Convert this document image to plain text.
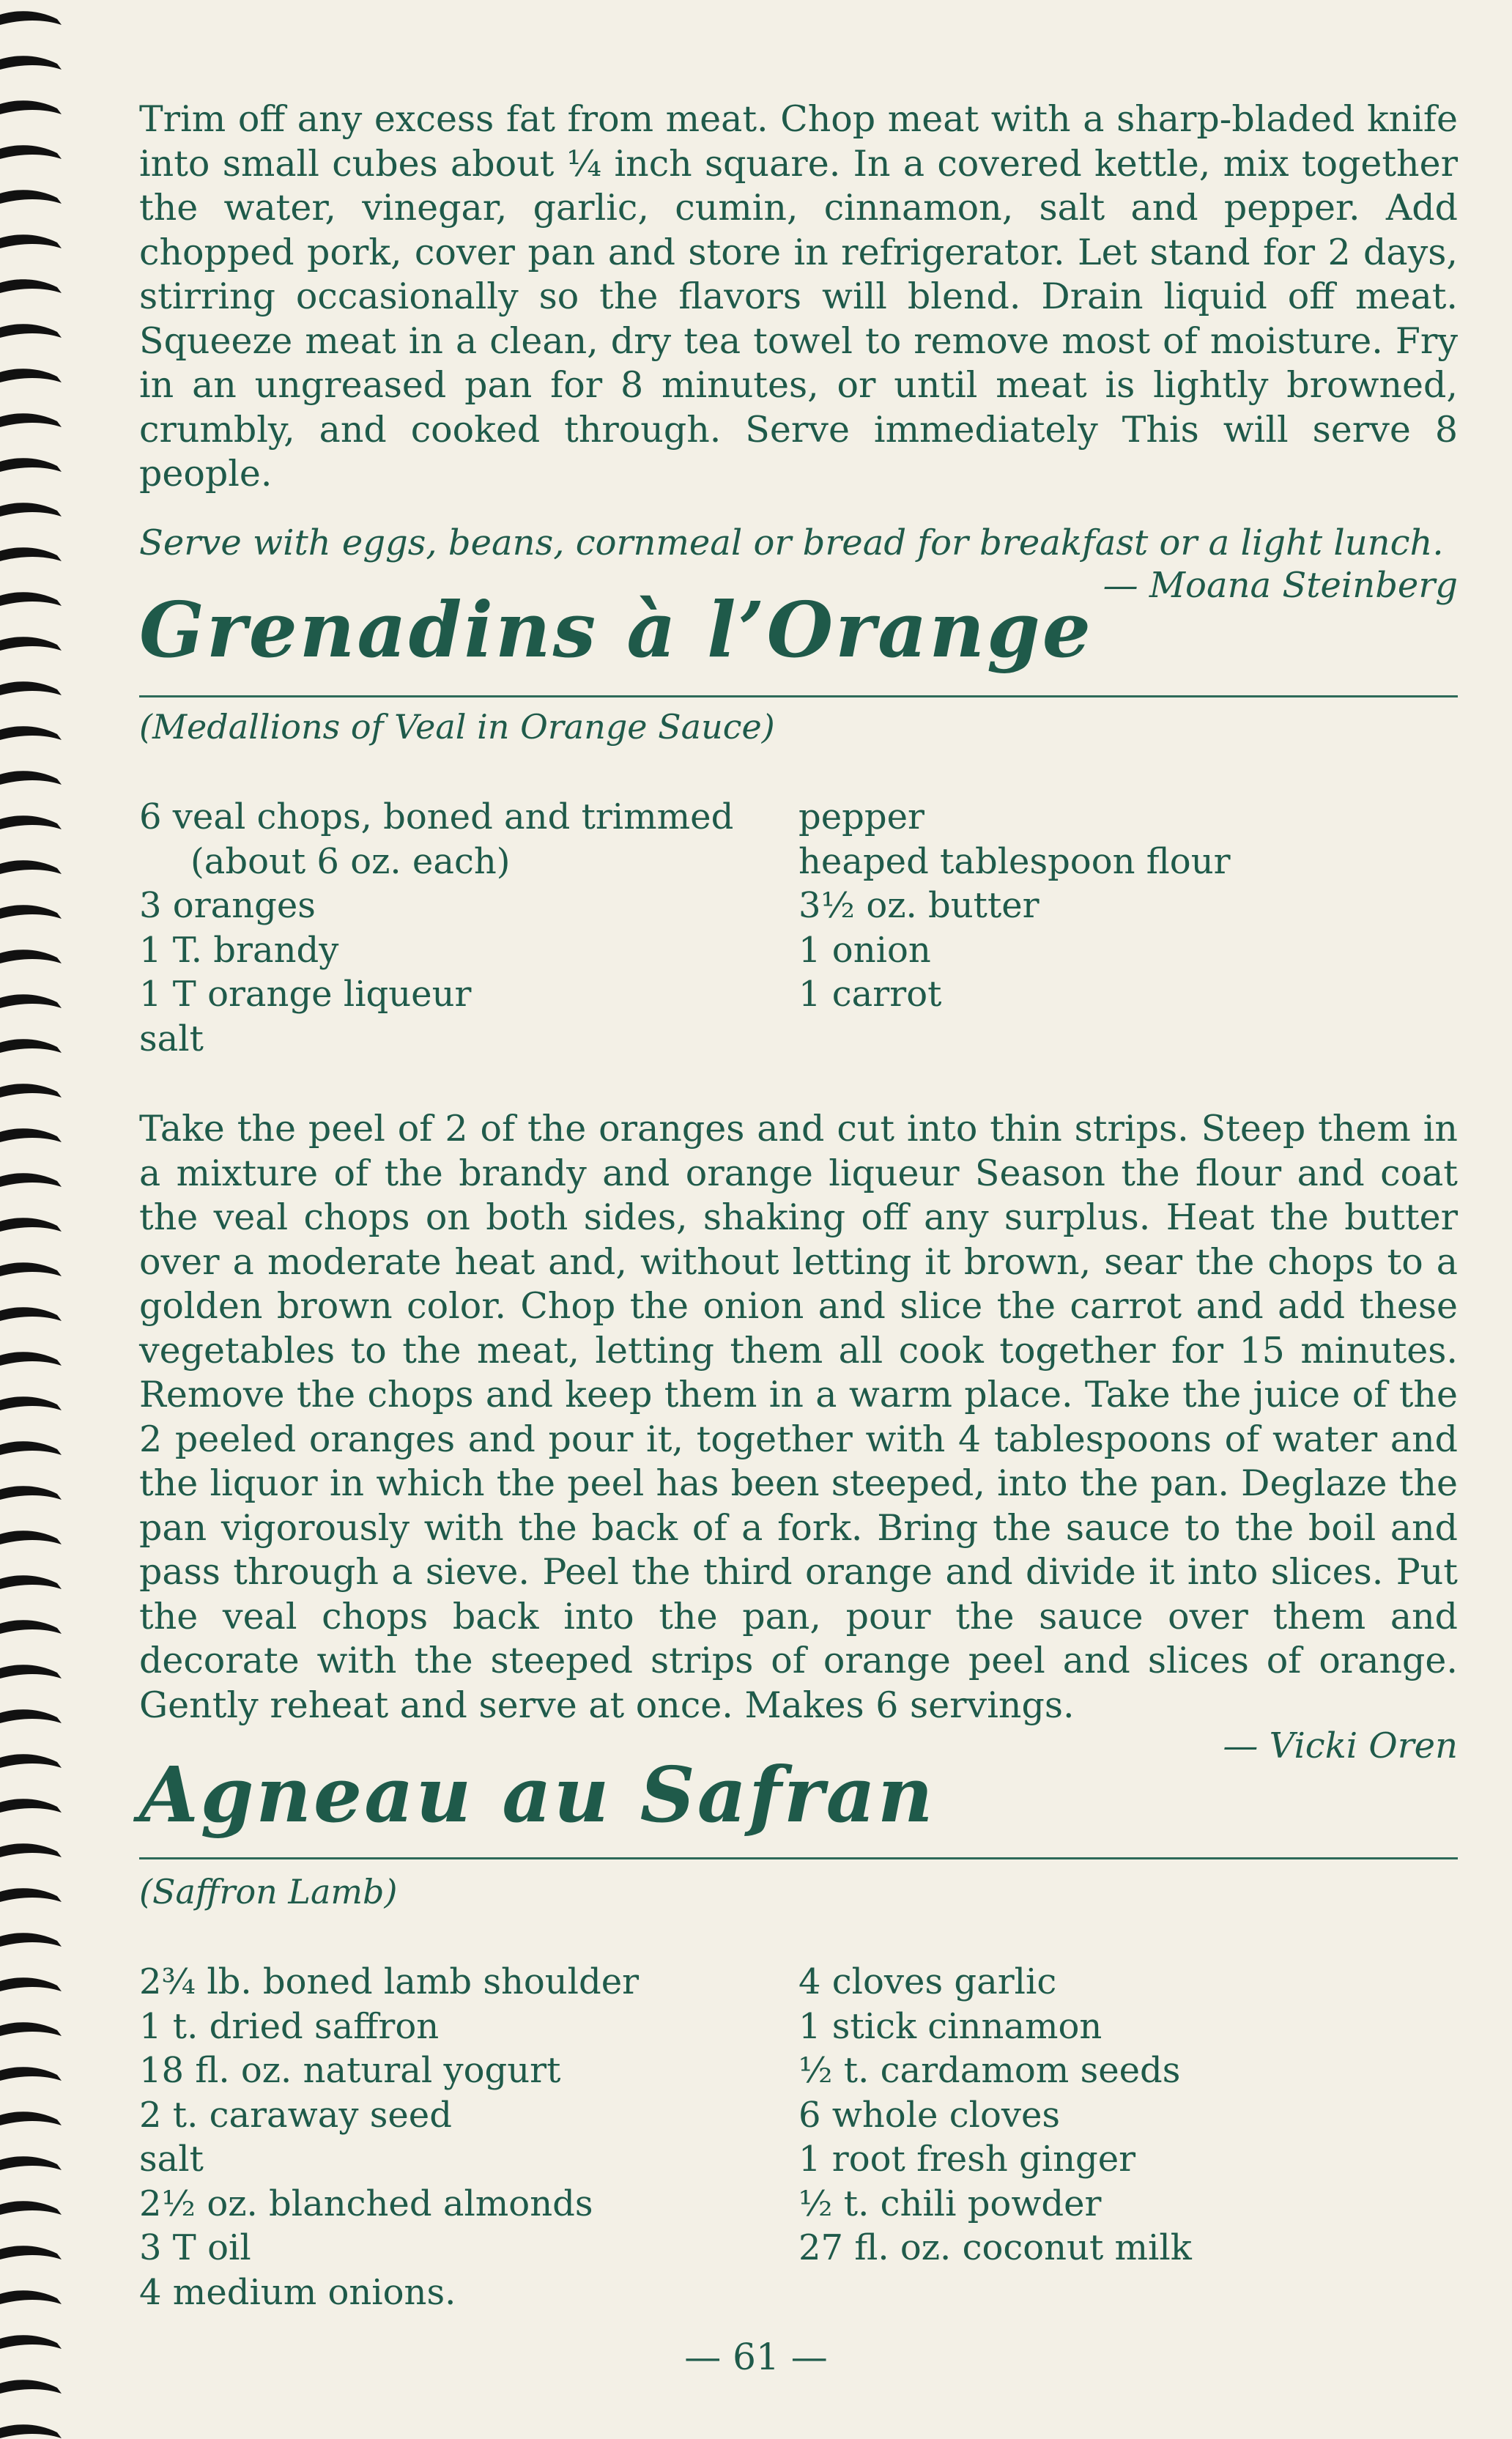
Trim off any excess fat from meat. Chop meat with a sharp-bladed knife into small cubes about ¼ inch square. In a covered kettle, mix together the water, vinegar, garlic, cumin, cinnamon, salt and pepper. Add chopped pork, cover pan and store in refrigerator. Let stand for 2 days, stirring occasionally so the flavors will blend. Drain liquid off meat. Squeeze meat in a clean, dry tea towel to remove most of moisture. Fry in an ungreased pan for 8 minutes, or until meat is lightly browned, crumbly, and cooked through. Serve immediately This will serve 8 people.

Serve with eggs, beans, cornmeal or bread for breakfast or a light lunch.

— Moana Steinberg

Grenadins à l’Orange

(Medallions of Veal in Orange Sauce)

6 veal chops, boned and trimmed
(about 6 oz. each)
3 oranges
1 T. brandy
1 T orange liqueur
salt
pepper
heaped tablespoon flour
3½ oz. butter
1 onion
1 carrot

Take the peel of 2 of the oranges and cut into thin strips. Steep them in a mixture of the brandy and orange liqueur Season the flour and coat the veal chops on both sides, shaking off any surplus. Heat the butter over a moderate heat and, without letting it brown, sear the chops to a golden brown color. Chop the onion and slice the carrot and add these vegetables to the meat, letting them all cook together for 15 minutes. Remove the chops and keep them in a warm place. Take the juice of the 2 peeled oranges and pour it, together with 4 tablespoons of water and the liquor in which the peel has been steeped, into the pan. Deglaze the pan vigorously with the back of a fork. Bring the sauce to the boil and pass through a sieve. Peel the third orange and divide it into slices. Put the veal chops back into the pan, pour the sauce over them and decorate with the steeped strips of orange peel and slices of orange. Gently reheat and serve at once. Makes 6 servings.

— Vicki Oren

Agneau au Safran

(Saffron Lamb)

2¾ lb. boned lamb shoulder
1 t. dried saffron
18 fl. oz. natural yogurt
2 t. caraway seed
salt
2½ oz. blanched almonds
3 T oil
4 medium onions.
4 cloves garlic
1 stick cinnamon
½ t. cardamom seeds
6 whole cloves
1 root fresh ginger
½ t. chili powder
27 fl. oz. coconut milk
— 61 —
